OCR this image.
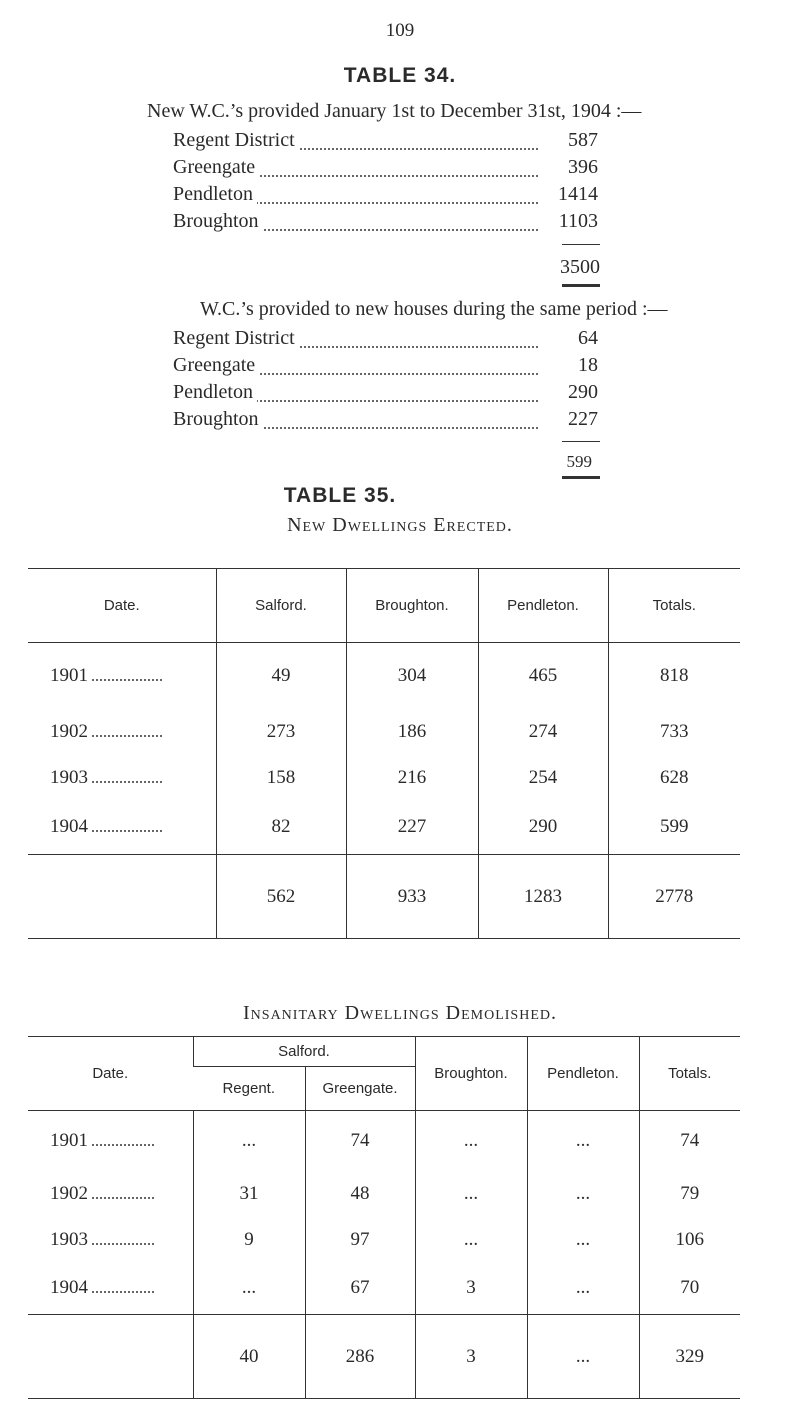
109
TABLE 34.
New W.C.’s provided January 1st to December 31st, 1904 :—
Regent District	587
Greengate	396
Pendleton	1414
Broughton	1103
3500
W.C.’s provided to new houses during the same period :—
Regent District	64
Greengate	18
Pendleton	290
Broughton	227
599
TABLE 35.
New Dwellings Erected.
Date.	Salford.	Broughton.	Pendleton.	Totals.
1901	49	304	465	818
1902	273	186	274	733
1903	158	216	254	628
1904	82	227	290	599
	562	933	1283	2778
Insanitary Dwellings Demolished.
Date.	Salford.		Broughton.	Pendleton.	Totals.
	Regent.	Greengate.			
1901	...	74	...	...	74
1902	31	48	...	...	79
1903	9	97	...	...	106
1904	...	67	3	...	70
	40	286	3	...	329
